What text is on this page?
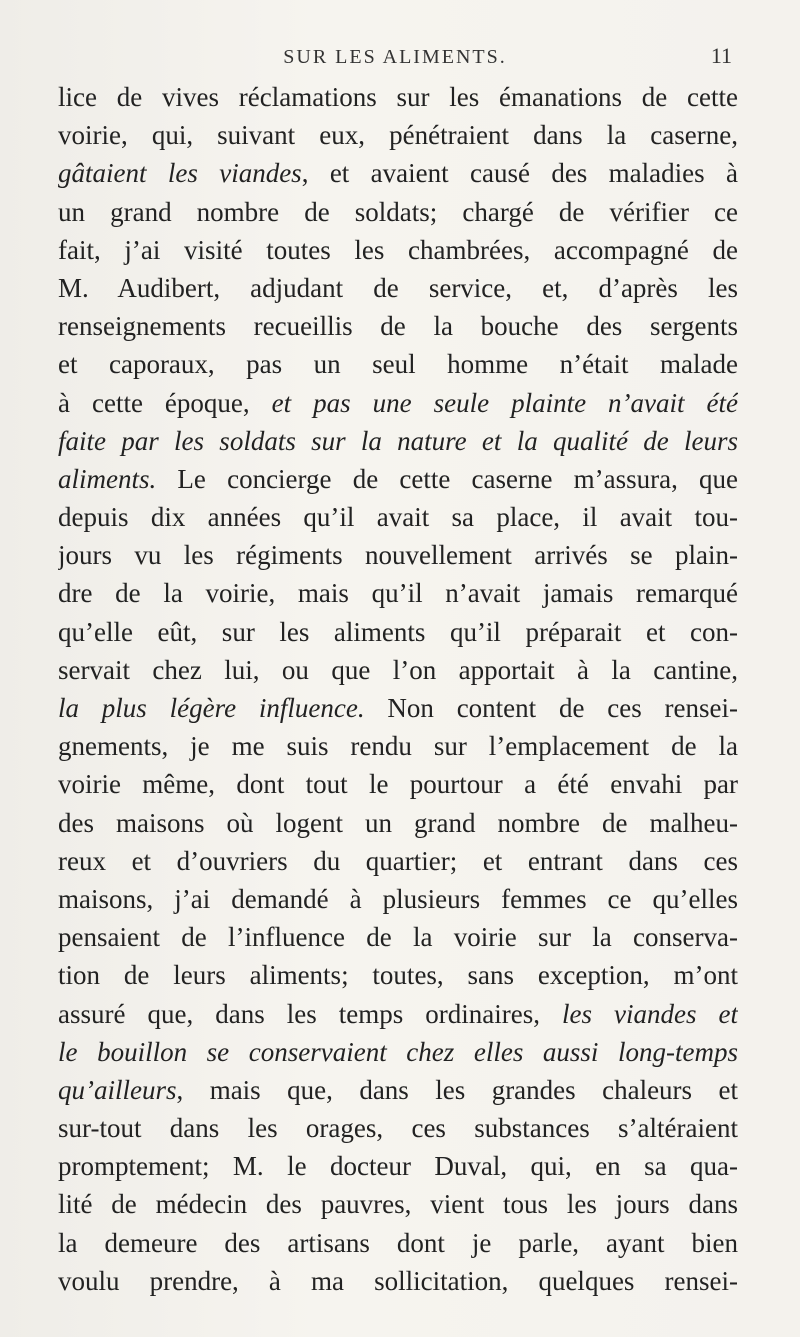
SUR LES ALIMENTS.	11
lice de vives réclamations sur les émanations de cette
voirie, qui, suivant eux, pénétraient dans la caserne,
gâtaient les viandes, et avaient causé des maladies à
un grand nombre de soldats; chargé de vérifier ce
fait, j’ai visité toutes les chambrées, accompagné de
M. Audibert, adjudant de service, et, d’après les
renseignements recueillis de la bouche des sergents
et caporaux, pas un seul homme n’était malade
à cette époque, et pas une seule plainte n’avait été
faite par les soldats sur la nature et la qualité de leurs
aliments. Le concierge de cette caserne m’assura, que
depuis dix années qu’il avait sa place, il avait tou-
jours vu les régiments nouvellement arrivés se plain-
dre de la voirie, mais qu’il n’avait jamais remarqué
qu’elle eût, sur les aliments qu’il préparait et con-
servait chez lui, ou que l’on apportait à la cantine,
la plus légère influence. Non content de ces rensei-
gnements, je me suis rendu sur l’emplacement de la
voirie même, dont tout le pourtour a été envahi par
des maisons où logent un grand nombre de malheu-
reux et d’ouvriers du quartier; et entrant dans ces
maisons, j’ai demandé à plusieurs femmes ce qu’elles
pensaient de l’influence de la voirie sur la conserva-
tion de leurs aliments; toutes, sans exception, m’ont
assuré que, dans les temps ordinaires, les viandes et
le bouillon se conservaient chez elles aussi long-temps
qu’ailleurs, mais que, dans les grandes chaleurs et
sur-tout dans les orages, ces substances s’altéraient
promptement; M. le docteur Duval, qui, en sa qua-
lité de médecin des pauvres, vient tous les jours dans
la demeure des artisans dont je parle, ayant bien
voulu prendre, à ma sollicitation, quelques rensei-
